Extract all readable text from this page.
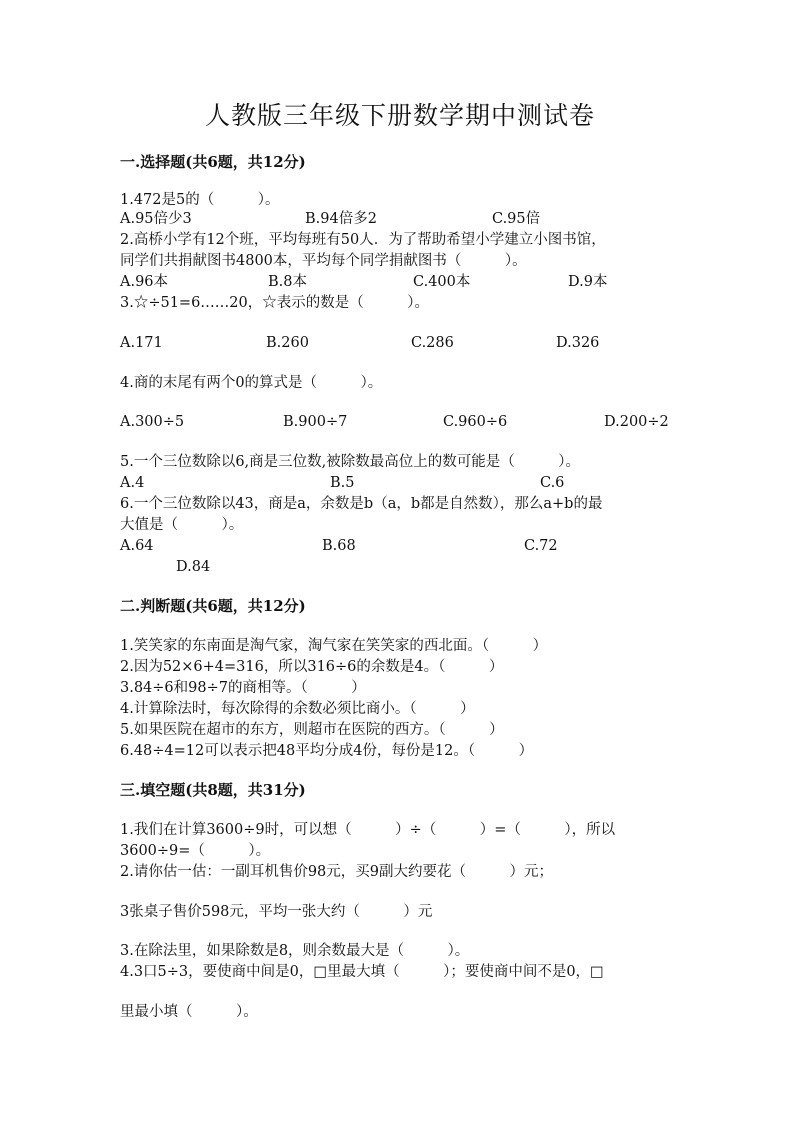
人教版三年级下册数学期中测试卷
一.选择题(共6题，共12分)
1.472是5的（　　　）。
A.95倍少3	B.94倍多2	C.95倍
2.高桥小学有12个班，平均每班有50人．为了帮助希望小学建立小图书馆，
同学们共捐献图书4800本，平均每个同学捐献图书（　　　）。
A.96本	B.8本	C.400本	D.9本
3.☆÷51=6……20，☆表示的数是（　　　）。
A.171	B.260	C.286	D.326
4.商的末尾有两个0的算式是（　　　）。
A.300÷5	B.900÷7	C.960÷6	D.200÷2
5.一个三位数除以6,商是三位数,被除数最高位上的数可能是（　　　）。
A.4	B.5	C.6
6.一个三位数除以43，商是a，余数是b（a，b都是自然数），那么a+b的最
大值是（　　　）。
A.64	B.68	C.72
D.84
二.判断题(共6题，共12分)
1.笑笑家的东南面是淘气家，淘气家在笑笑家的西北面。（　　　）
2.因为52×6+4=316，所以316÷6的余数是4。（　　　）
3.84÷6和98÷7的商相等。（　　　）
4.计算除法时，每次除得的余数必须比商小。（　　　）
5.如果医院在超市的东方，则超市在医院的西方。（　　　）
6.48÷4=12可以表示把48平均分成4份，每份是12。（　　　）
三.填空题(共8题，共31分)
1.我们在计算3600÷9时，可以想（　　　）÷（　　　）=（　　　），所以
3600÷9=（　　　）。
2.请你估一估：一副耳机售价98元，买9副大约要花（　　　）元；
3张桌子售价598元，平均一张大约（　　　）元
3.在除法里，如果除数是8，则余数最大是（　　　）。
4.3口5÷3，要使商中间是0，□里最大填（　　　）；要使商中间不是0，□
里最小填（　　　）。
